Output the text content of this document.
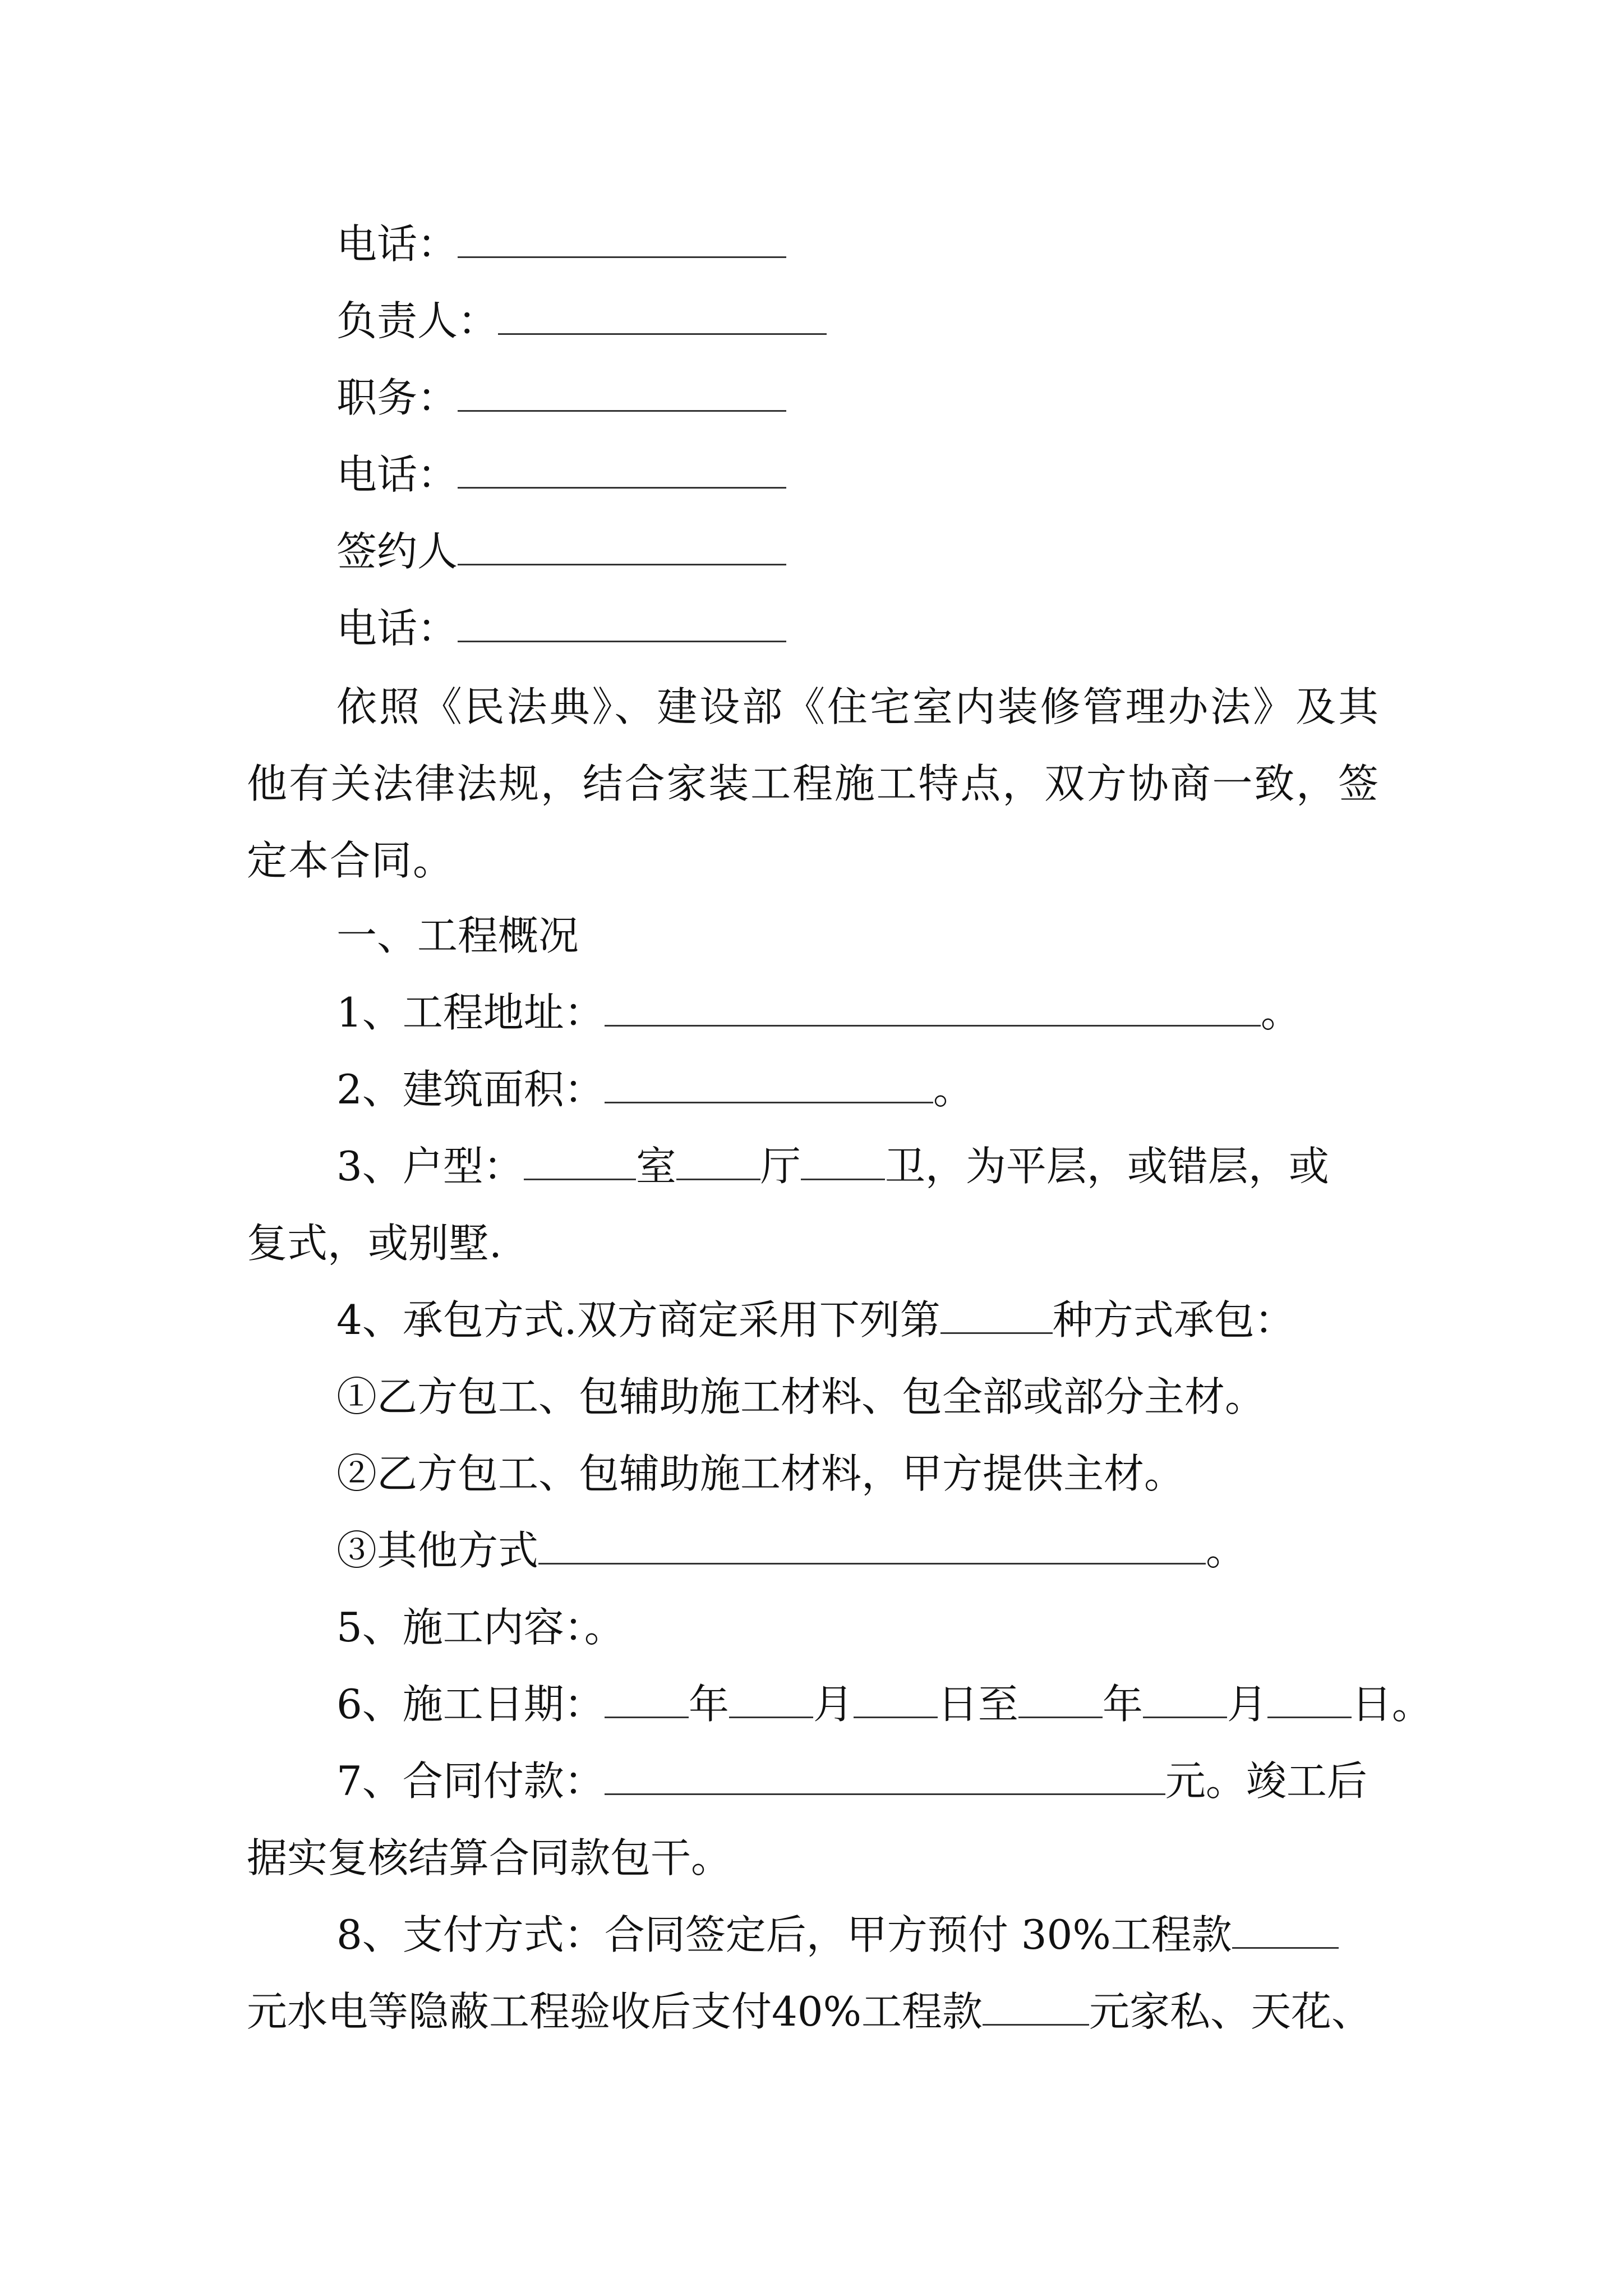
电话：
负责人：
职务：
电话：
签约人
电话：
依照《民法典》、建设部《住宅室内装修管理办法》及其他有关法律法规，结合家装工程施工特点，双方协商一致，签定本合同。
一、工程概况
1、工程地址：	。
2、建筑面积：	。
3、户型：	室 厅 卫，为平层，或错层，或
复式，或别墅.
4、承包方式.双方商定采用下列第	种方式承包：
①乙方包工、包辅助施工材料、包全部或部分主材。
②乙方包工、包辅助施工材料，甲方提供主材。
③其他方式	。
5、施工内容：。
6、施工日期： 年 月 日至 年 月 日。
7、合同付款：	元。竣工后
据实复核结算合同款包干。
8、支付方式：合同签定后，甲方预付 30%工程款
元水电等隐蔽工程验收后支付40%工程款	元家私、天花、
